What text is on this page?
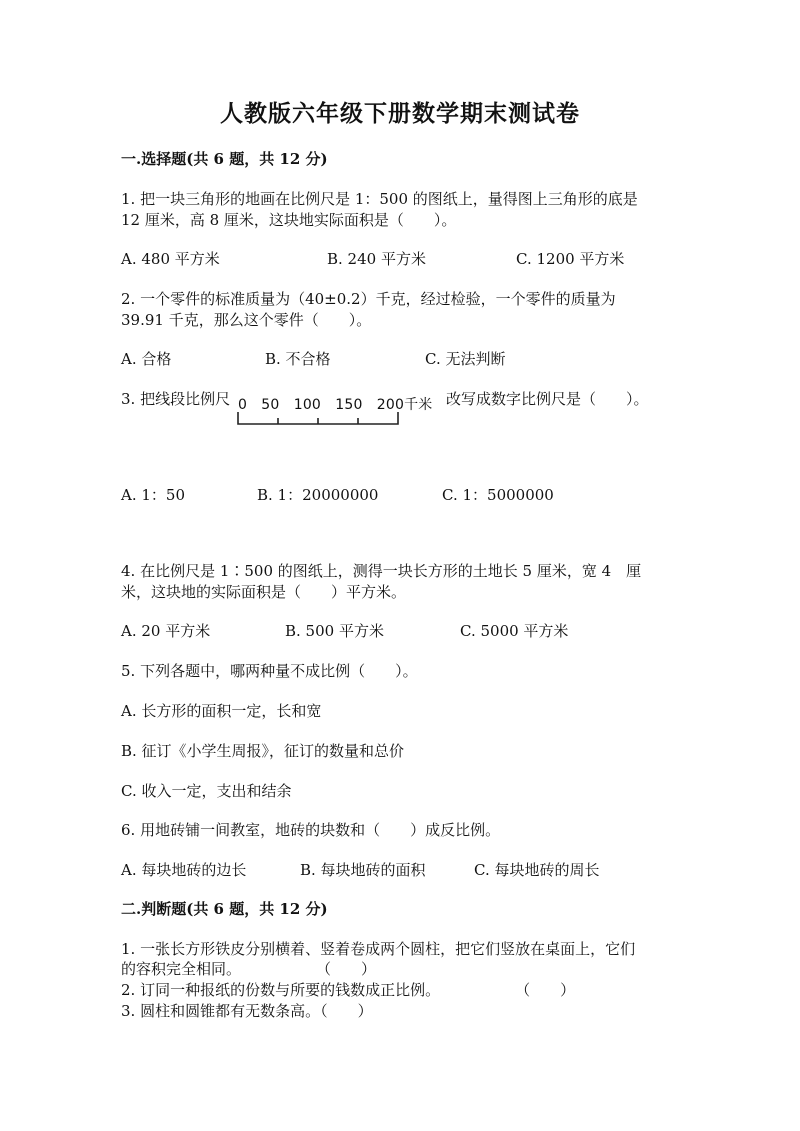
人教版六年级下册数学期末测试卷
一.选择题(共 6 题，共 12 分)
1. 把一块三角形的地画在比例尺是 1：500 的图纸上，量得图上三角形的底是
12 厘米，高 8 厘米，这块地实际面积是（　　）。
A. 480 平方米	B. 240 平方米	C. 1200 平方米
2. 一个零件的标准质量为（40±0.2）千克，经过检验，一个零件的质量为
39.91 千克，那么这个零件（　　）。
A. 合格	B. 不合格	C. 无法判断
3. 把线段比例尺 0　50　100　150　200千米 改写成数字比例尺是（　　）。
A. 1：50	B. 1：20000000	C. 1：5000000
4. 在比例尺是 1∶500 的图纸上，测得一块长方形的土地长 5 厘米，宽 4　厘
米，这块地的实际面积是（　　）平方米。
A. 20 平方米	B. 500 平方米	C. 5000 平方米
5. 下列各题中，哪两种量不成比例（　　）。
A. 长方形的面积一定，长和宽
B. 征订《小学生周报》，征订的数量和总价
C. 收入一定，支出和结余
6. 用地砖铺一间教室，地砖的块数和（　　）成反比例。
A. 每块地砖的边长	B. 每块地砖的面积	C. 每块地砖的周长
二.判断题(共 6 题，共 12 分)
1. 一张长方形铁皮分别横着、竖着卷成两个圆柱，把它们竖放在桌面上，它们
的容积完全相同。　　　　　　（　　）
2. 订同一种报纸的份数与所要的钱数成正比例。　　　　　　（　　）
3. 圆柱和圆锥都有无数条高。（　　）
